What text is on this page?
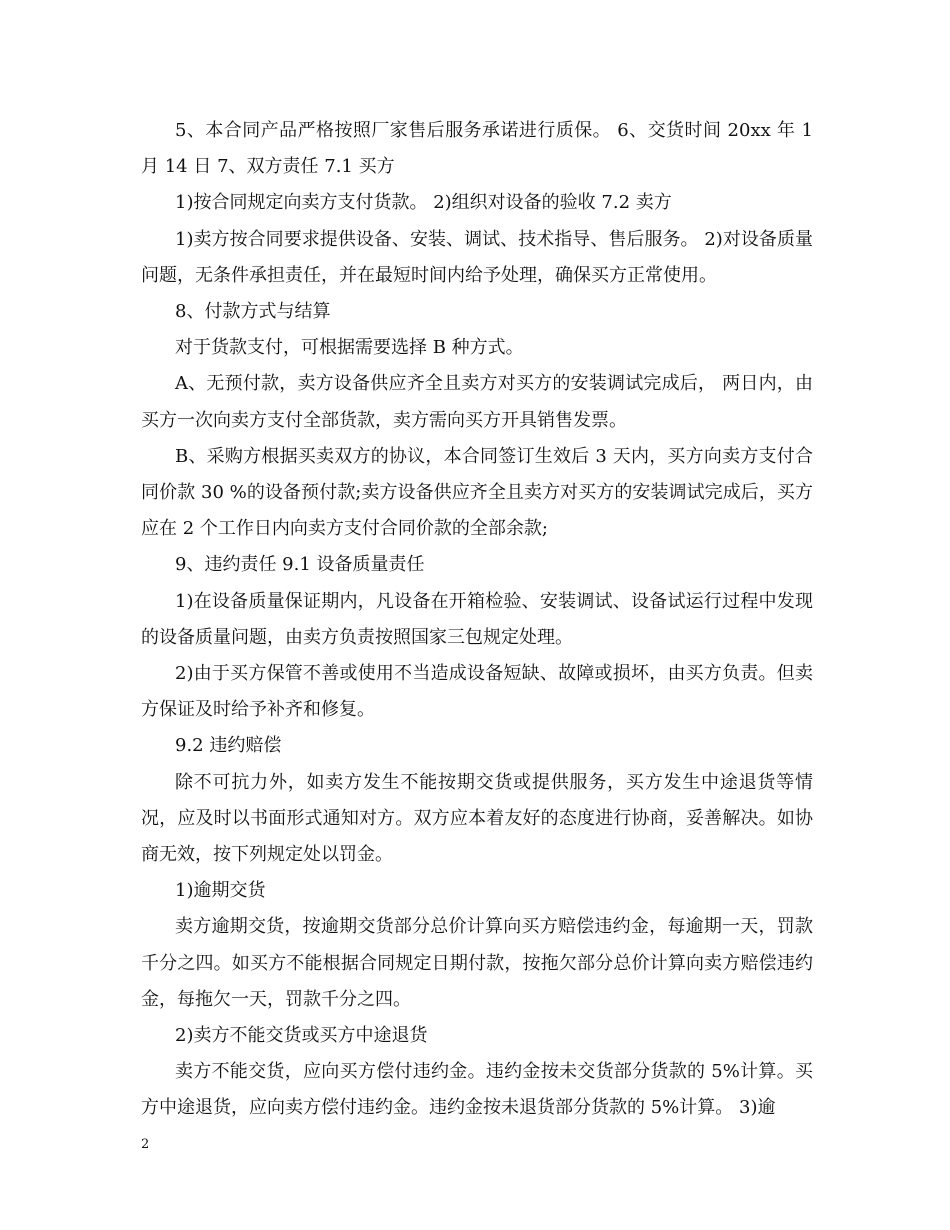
5、本合同产品严格按照厂家售后服务承诺进行质保。 6、交货时间 20xx 年 1 月 14 日 7、双方责任 7.1 买方

1)按合同规定向卖方支付货款。 2)组织对设备的验收 7.2 卖方

1)卖方按合同要求提供设备、安装、调试、技术指导、售后服务。 2)对设备质量问题，无条件承担责任，并在最短时间内给予处理，确保买方正常使用。

8、付款方式与结算

对于货款支付，可根据需要选择 B 种方式。

A、无预付款，卖方设备供应齐全且卖方对买方的安装调试完成后， 两日内，由买方一次向卖方支付全部货款，卖方需向买方开具销售发票。

B、采购方根据买卖双方的协议，本合同签订生效后 3 天内，买方向卖方支付合同价款 30 %的设备预付款;卖方设备供应齐全且卖方对买方的安装调试完成后，买方应在 2 个工作日内向卖方支付合同价款的全部余款;

9、违约责任 9.1 设备质量责任

1)在设备质量保证期内，凡设备在开箱检验、安装调试、设备试运行过程中发现的设备质量问题，由卖方负责按照国家三包规定处理。

2)由于买方保管不善或使用不当造成设备短缺、故障或损坏，由买方负责。但卖方保证及时给予补齐和修复。

9.2 违约赔偿

除不可抗力外，如卖方发生不能按期交货或提供服务，买方发生中途退货等情况，应及时以书面形式通知对方。双方应本着友好的态度进行协商，妥善解决。如协商无效，按下列规定处以罚金。

1)逾期交货

卖方逾期交货，按逾期交货部分总价计算向买方赔偿违约金，每逾期一天，罚款千分之四。如买方不能根据合同规定日期付款，按拖欠部分总价计算向卖方赔偿违约金，每拖欠一天，罚款千分之四。

2)卖方不能交货或买方中途退货

卖方不能交货，应向买方偿付违约金。违约金按未交货部分货款的 5%计算。买方中途退货，应向卖方偿付违约金。违约金按未退货部分货款的 5%计算。 3)逾

2
